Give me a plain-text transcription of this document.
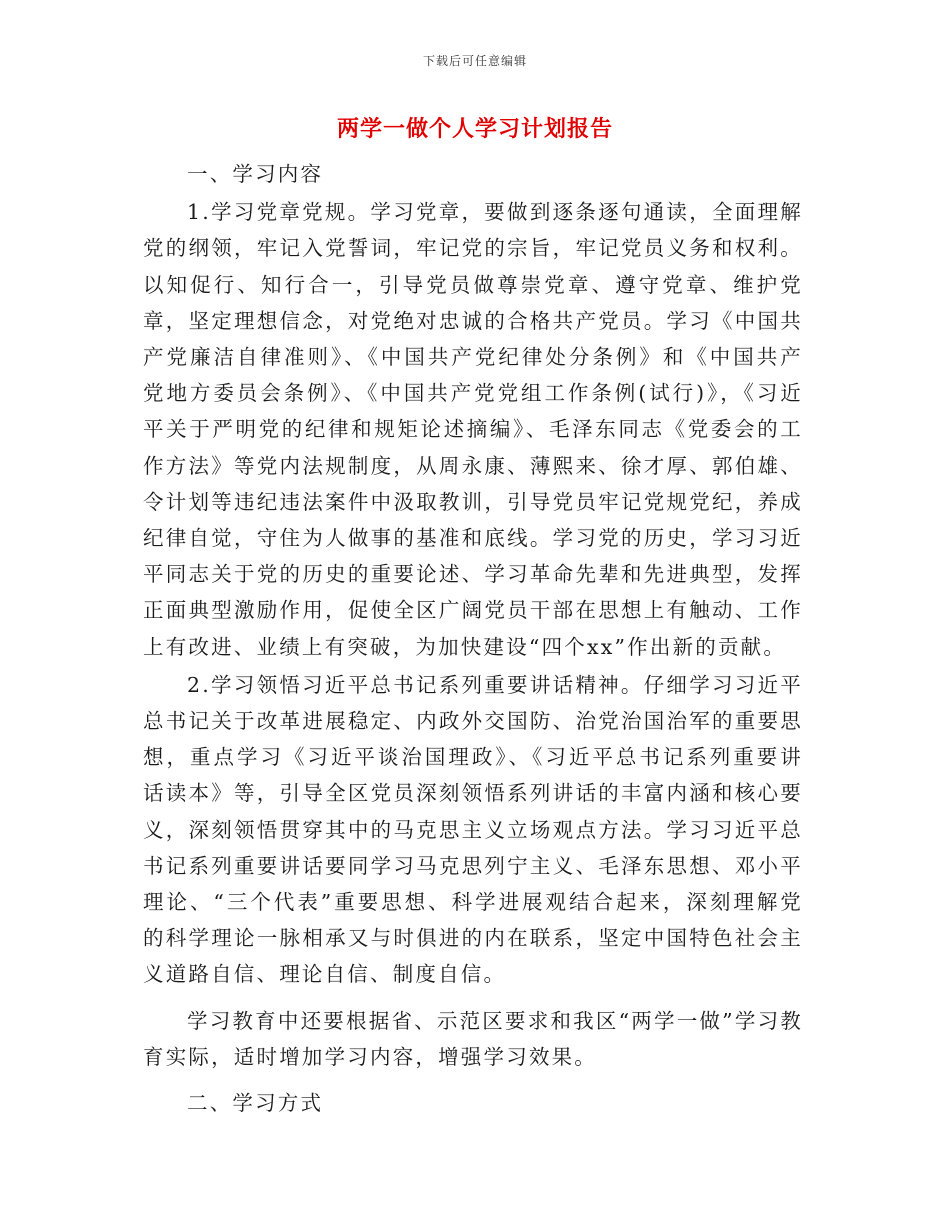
下载后可任意编辑
两学一做个人学习计划报告

一、学习内容

1.学习党章党规。学习党章，要做到逐条逐句通读，全面理解党的纲领，牢记入党誓词，牢记党的宗旨，牢记党员义务和权利。以知促行、知行合一，引导党员做尊崇党章、遵守党章、维护党章，坚定理想信念，对党绝对忠诚的合格共产党员。学习《中国共产党廉洁自律准则》、《中国共产党纪律处分条例》和《中国共产党地方委员会条例》、《中国共产党党组工作条例(试行)》，《习近平关于严明党的纪律和规矩论述摘编》、毛泽东同志《党委会的工作方法》等党内法规制度，从周永康、薄熙来、徐才厚、郭伯雄、令计划等违纪违法案件中汲取教训，引导党员牢记党规党纪，养成纪律自觉，守住为人做事的基准和底线。学习党的历史，学习习近平同志关于党的历史的重要论述、学习革命先辈和先进典型，发挥正面典型激励作用，促使全区广阔党员干部在思想上有触动、工作上有改进、业绩上有突破，为加快建设“四个xx”作出新的贡献。

2.学习领悟习近平总书记系列重要讲话精神。仔细学习习近平总书记关于改革进展稳定、内政外交国防、治党治国治军的重要思想，重点学习《习近平谈治国理政》、《习近平总书记系列重要讲话读本》等，引导全区党员深刻领悟系列讲话的丰富内涵和核心要义，深刻领悟贯穿其中的马克思主义立场观点方法。学习习近平总书记系列重要讲话要同学习马克思列宁主义、毛泽东思想、邓小平理论、“三个代表”重要思想、科学进展观结合起来，深刻理解党的科学理论一脉相承又与时俱进的内在联系，坚定中国特色社会主义道路自信、理论自信、制度自信。

学习教育中还要根据省、示范区要求和我区“两学一做”学习教育实际，适时增加学习内容，增强学习效果。

二、学习方式
